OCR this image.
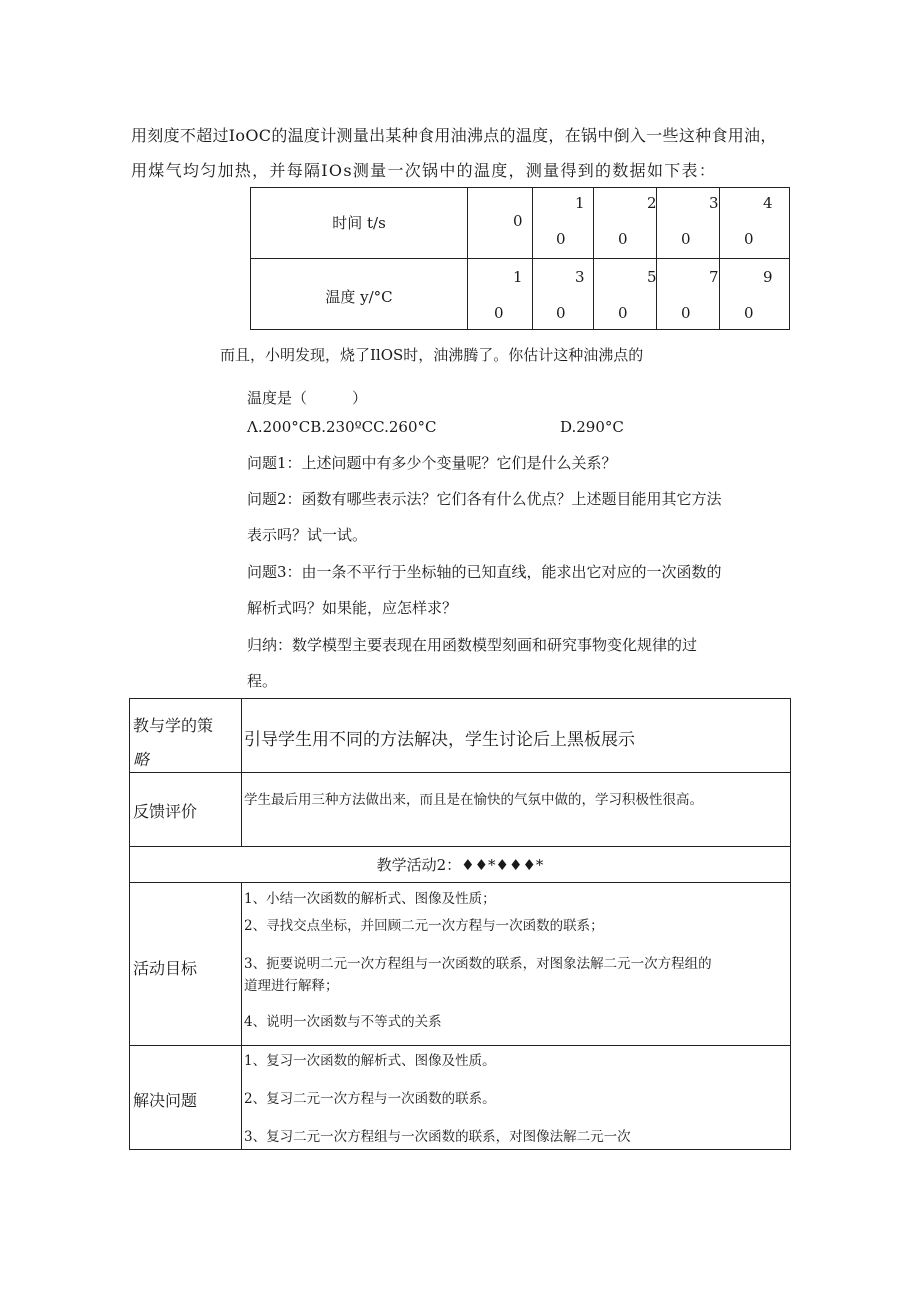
用刻度不超过IoOC的温度计测量出某种食用油沸点的温度，在锅中倒入一些这种食用油，
用煤气均匀加热，并每隔IOs测量一次锅中的温度，测量得到的数据如下表：
时间 t/s
温度 y/°C
0
1
0
2
0
3
0
4
0
1
0
3
0
5
0
7
0
9
0
而且，小明发现，烧了IlOS时，油沸腾了。你估计这种油沸点的
温度是（　　　）
Λ.200°CB.230ºCC.260°C	D.290°C
问题1：上述问题中有多少个变量呢？它们是什么关系？
问题2：函数有哪些表示法？它们各有什么优点？上述题目能用其它方法
表示吗？试一试。
问题3：由一条不平行于坐标轴的已知直线，能求出它对应的一次函数的
解析式吗？如果能，应怎样求？
归纳：数学模型主要表现在用函数模型刻画和研究事物变化规律的过
程。
教与学的策
略
引导学生用不同的方法解决，学生讨论后上黑板展示
反馈评价
学生最后用三种方法做出来，而且是在愉快的气氛中做的，学习积极性很高。
教学活动2：♦♦*♦♦♦*
活动目标
1、小结一次函数的解析式、图像及性质；
2、寻找交点坐标，并回顾二元一次方程与一次函数的联系；
3、扼要说明二元一次方程组与一次函数的联系，对图象法解二元一次方程组的
道理进行解释；
4、说明一次函数与不等式的关系
解决问题
1、复习一次函数的解析式、图像及性质。
2、复习二元一次方程与一次函数的联系。
3、复习二元一次方程组与一次函数的联系，对图像法解二元一次
